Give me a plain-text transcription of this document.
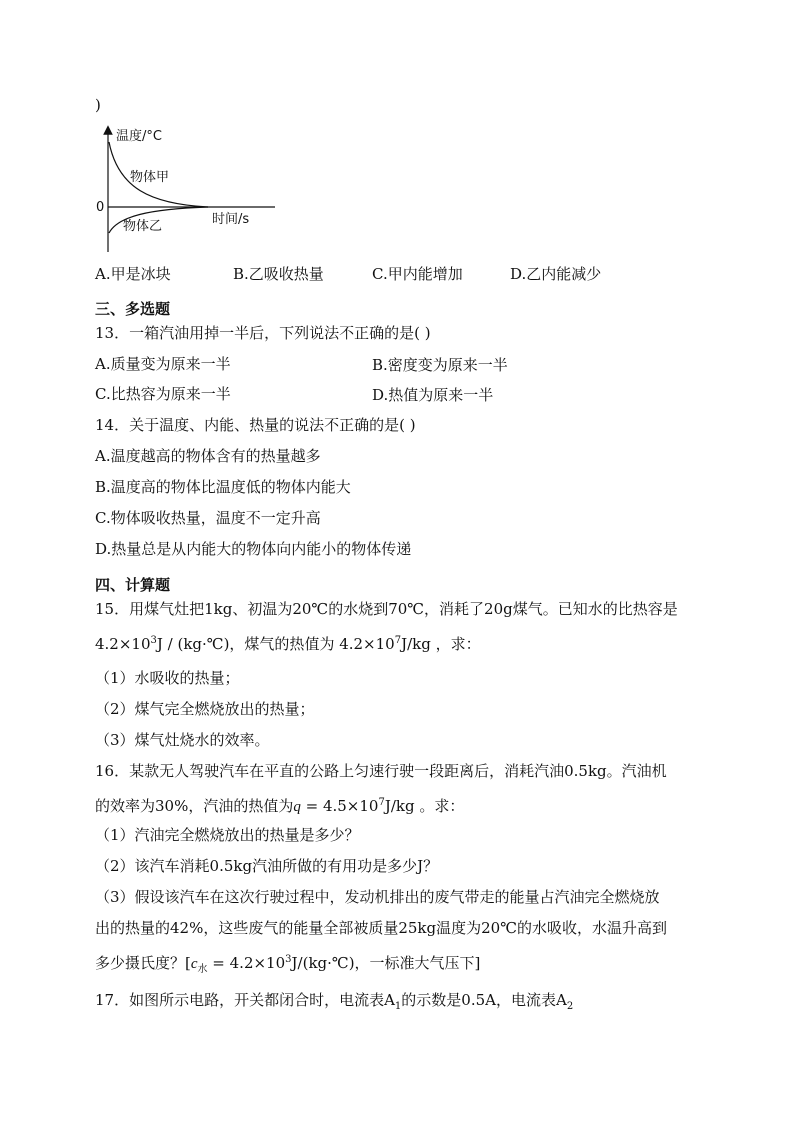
)
温度/°C
0
物体甲
物体乙	时间/s
A.甲是冰块	B.乙吸收热量	C.甲内能增加	D.乙内能减少
三、多选题
13．一箱汽油用掉一半后，下列说法不正确的是( )
A.质量变为原来一半	B.密度变为原来一半
C.比热容为原来一半	D.热值为原来一半
14．关于温度、内能、热量的说法不正确的是( )
A.温度越高的物体含有的热量越多
B.温度高的物体比温度低的物体内能大
C.物体吸收热量，温度不一定升高
D.热量总是从内能大的物体向内能小的物体传递
四、计算题
15．用煤气灶把1kg、初温为20℃的水烧到70℃，消耗了20g煤气。已知水的比热容是
$4.2\times 10^3J$ / (kg·℃)，煤气的热值为 $4.2\times 10^7J/kg$ ，求：
（1）水吸收的热量；
（2）煤气完全燃烧放出的热量；
（3）煤气灶烧水的效率。
16．某款无人驾驶汽车在平直的公路上匀速行驶一段距离后，消耗汽油0.5kg。汽油机
的效率为30%，汽油的热值为$q = 4.5\times 10^7J/kg$ 。求：
（1）汽油完全燃烧放出的热量是多少？
（2）该汽车消耗0.5kg汽油所做的有用功是多少J？
（3）假设该汽车在这次行驶过程中，发动机排出的废气带走的能量占汽油完全燃烧放
出的热量的42%，这些废气的能量全部被质量25kg温度为20℃的水吸收，水温升高到
多少摄氏度？[$c_水$ = $4.2\times 10^3J/(kg\cdot℃)$，一标准大气压下]
17．如图所示电路，开关都闭合时，电流表$A_1$的示数是0.5A，电流表$A_2$
